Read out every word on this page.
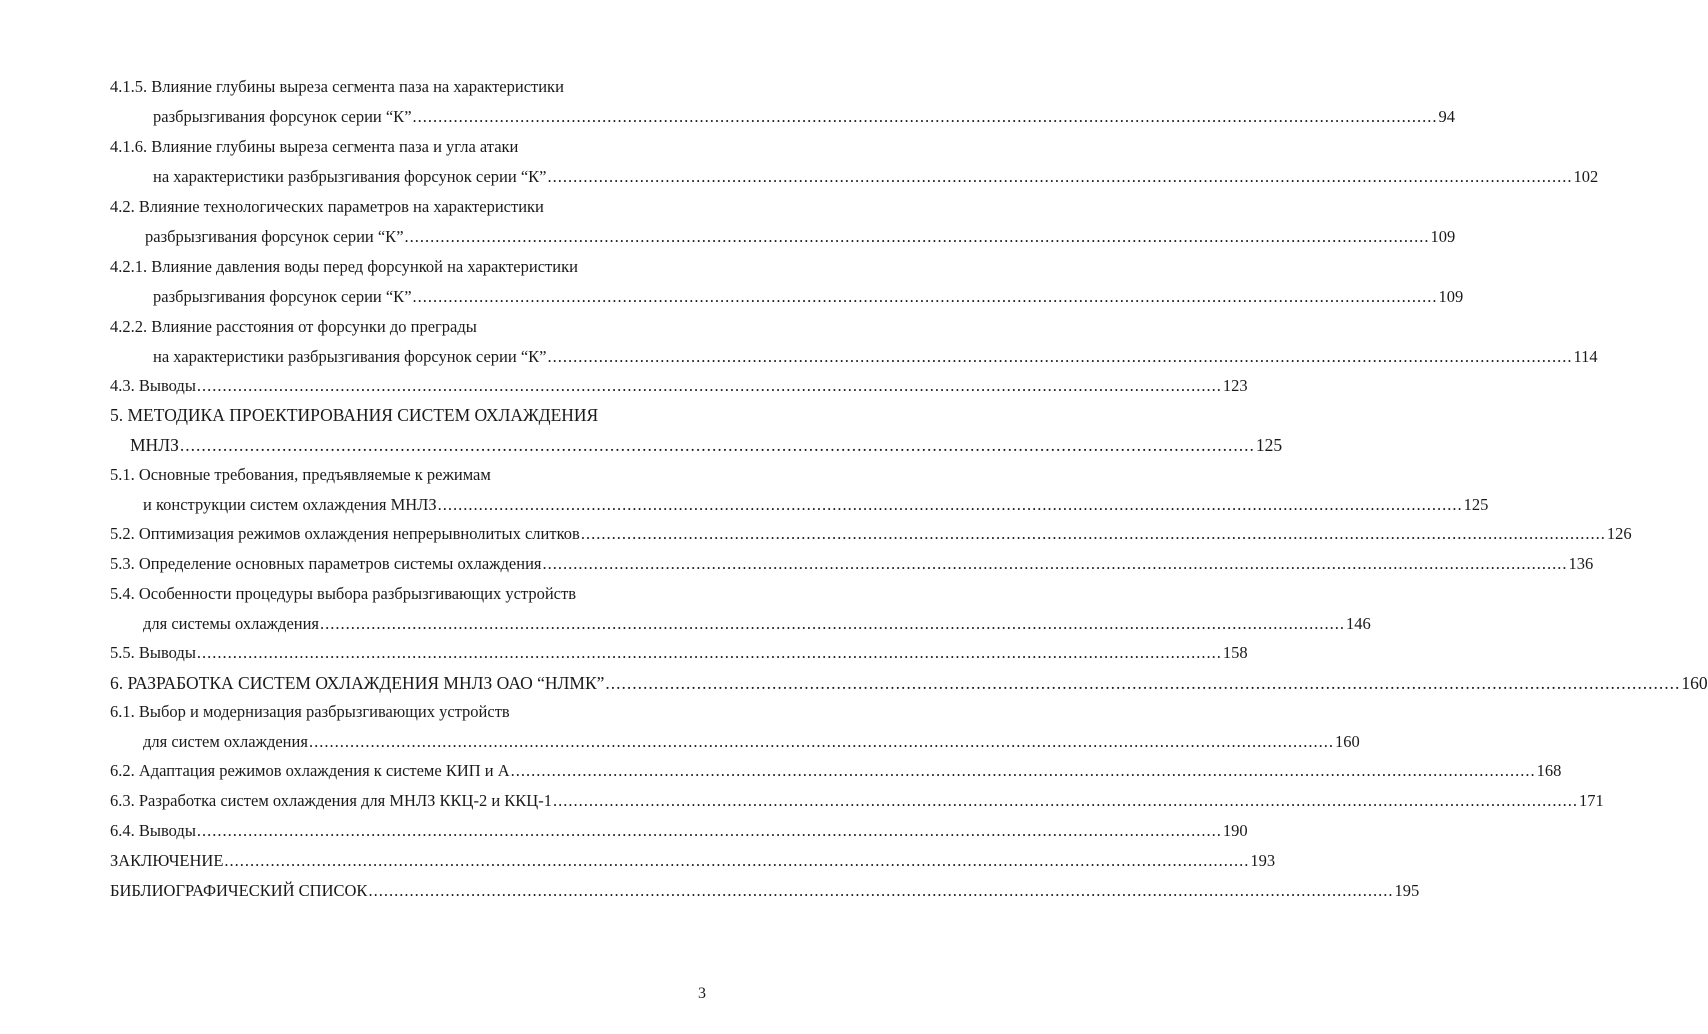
4.1.5. Влияние глубины выреза сегмента паза на характеристики
разбрызгивания форсунок серии “К” ........................................................................................................................................................................................................ 94
4.1.6. Влияние глубины выреза сегмента паза и угла атаки
на характеристики разбрызгивания форсунок серии “К” ........................................................................................................................................................................................................ 102
4.2. Влияние технологических параметров на характеристики
разбрызгивания форсунок серии “К” ........................................................................................................................................................................................................ 109
4.2.1. Влияние давления воды перед форсункой на характеристики
разбрызгивания форсунок серии “К” ........................................................................................................................................................................................................ 109
4.2.2. Влияние расстояния от форсунки до преграды
на характеристики разбрызгивания форсунок серии “К” ........................................................................................................................................................................................................ 114
4.3. Выводы ........................................................................................................................................................................................................ 123
5. МЕТОДИКА ПРОЕКТИРОВАНИЯ СИСТЕМ ОХЛАЖДЕНИЯ
МНЛЗ ........................................................................................................................................................................................................ 125
5.1. Основные требования, предъявляемые к режимам
и конструкции систем охлаждения МНЛЗ ........................................................................................................................................................................................................ 125
5.2. Оптимизация режимов охлаждения непрерывнолитых слитков ........................................................................................................................................................................................................ 126
5.3. Определение основных параметров системы охлаждения ........................................................................................................................................................................................................ 136
5.4. Особенности процедуры выбора разбрызгивающих устройств
для системы охлаждения ........................................................................................................................................................................................................ 146
5.5. Выводы ........................................................................................................................................................................................................ 158
6. РАЗРАБОТКА СИСТЕМ ОХЛАЖДЕНИЯ МНЛЗ ОАО “НЛМК” ........................................................................................................................................................................................................ 160
6.1. Выбор и модернизация разбрызгивающих устройств
для систем охлаждения ........................................................................................................................................................................................................ 160
6.2. Адаптация режимов охлаждения к системе КИП и А ........................................................................................................................................................................................................ 168
6.3. Разработка систем охлаждения для МНЛЗ ККЦ-2 и ККЦ-1 ........................................................................................................................................................................................................ 171
6.4. Выводы ........................................................................................................................................................................................................ 190
ЗАКЛЮЧЕНИЕ ........................................................................................................................................................................................................ 193
БИБЛИОГРАФИЧЕСКИЙ СПИСОК ........................................................................................................................................................................................................ 195
3
